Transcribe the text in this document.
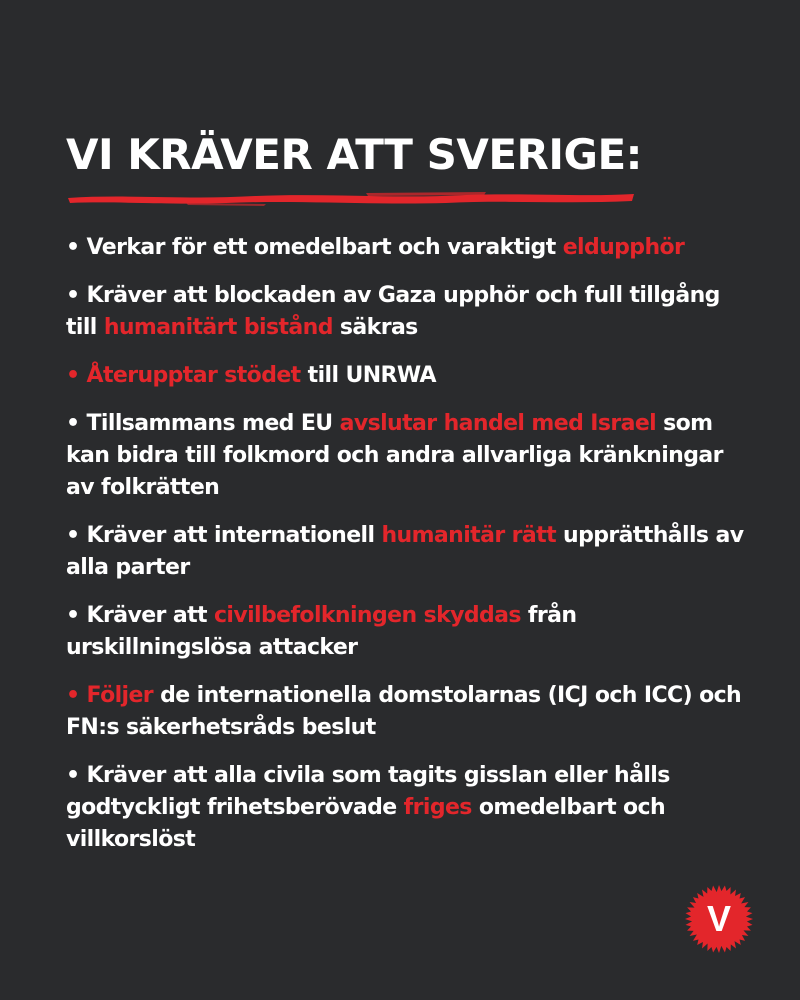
VI KRÄVER ATT SVERIGE:
• Verkar för ett omedelbart och varaktigt eldupphör
• Kräver att blockaden av Gaza upphör och full tillgång till humanitärt bistånd säkras
• Återupptar stödet till UNRWA
• Tillsammans med EU avslutar handel med Israel som kan bidra till folkmord och andra allvarliga kränkningar av folkrätten
• Kräver att internationell humanitär rätt upprätthålls av alla parter
• Kräver att civilbefolkningen skyddas från urskillningslösa attacker
• Följer de internationella domstolarnas (ICJ och ICC) och FN:s säkerhetsråds beslut
• Kräver att alla civila som tagits gisslan eller hålls godtyckligt frihetsberövade friges omedelbart och villkorslöst
V
